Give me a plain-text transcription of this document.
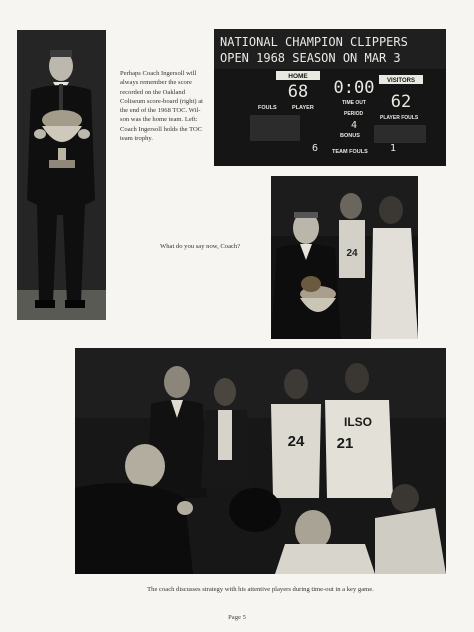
NATIONAL CHAMPION CLIPPERS
OPEN 1968 SEASON ON MAR 3
HOME
VISITORS
68 0:00
62
FOULS	PLAYER
TIME OUT
PERIOD
4
PLAYER FOULS
BONUS
6	TEAM FOULS 1
Perhaps Coach Ingersoll will always remember the score recorded on the Oakland Coliseum score-board (right) at the end of the 1968 TOC. Wil-son was the home team. Left: Coach Ingersoll holds the TOC team trophy.
24
What do you say now, Coach?
24
ILSO
21
The coach discusses strategy with his attentive players during time-out in a key game.
Page 5
